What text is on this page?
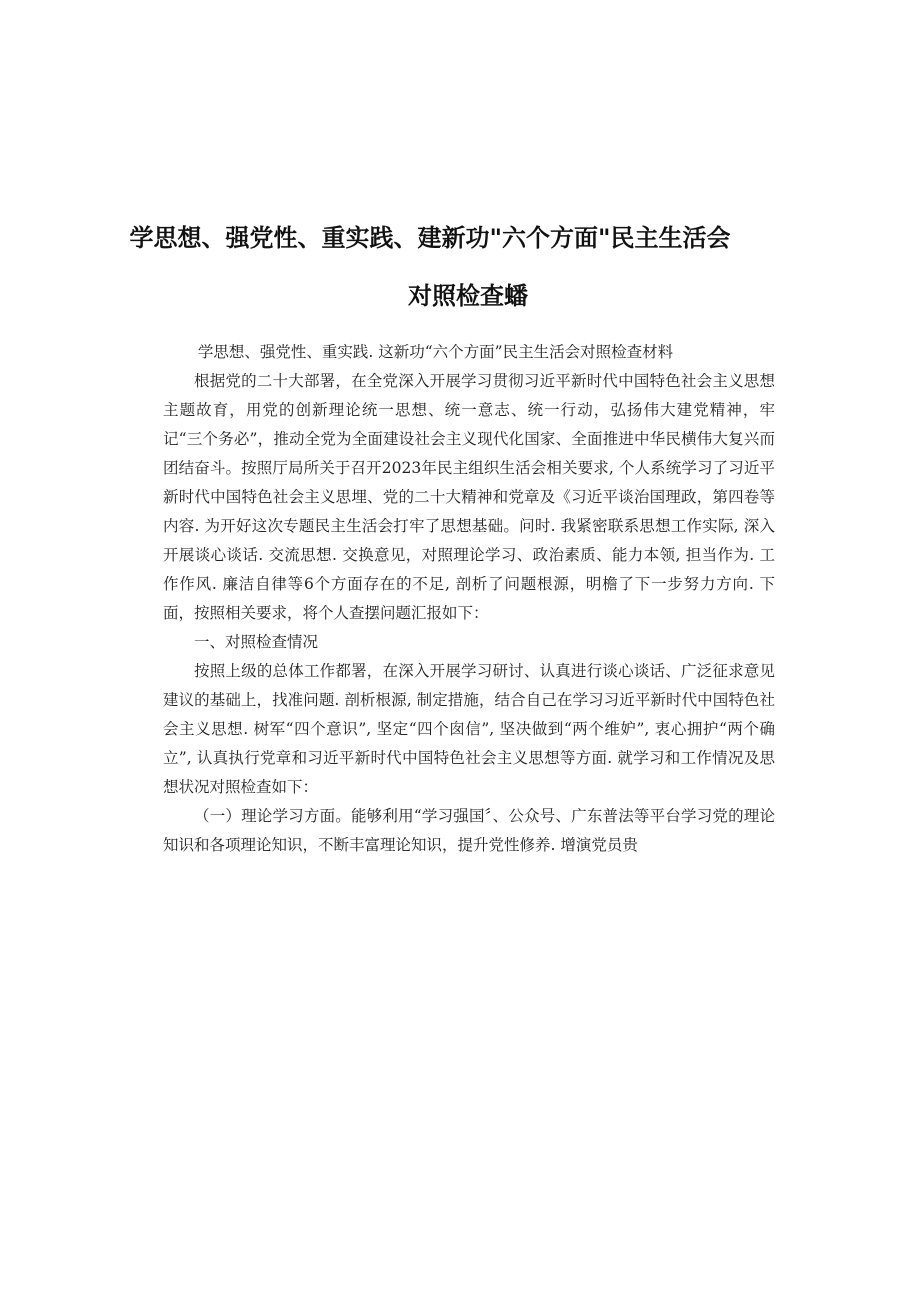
学思想、强党性、重实践、建新功"六个方面"民主生活会
对照检查蟠

学思想、强党性、重实践. 这新功“六个方面”民主生活会对照检查材料

根据党的二十大部署，在全党深入开展学习贯彻习近平新时代中国特色社会主义思想主题故育，用党的创新理论统一思想、统一意志、统一行动，弘扬伟大建党精神，牢记“三个务必”，推动全党为全面建设社会主义现代化国家、全面推进中华民横伟大复兴而团结奋斗。按照厅局所关于召开2023年民主组织生活会相关要求, 个人系统学习了习近平新时代中国特色社会主义思埋、党的二十大精神和党章及《习近平谈治国理政，第四卷等内容. 为开好这次专题民主生活会打牢了思想基础。问时. 我紧密联系思想工作实际, 深入开展谈心谈话. 交流思想. 交换意见，对照理论学习、政治素质、能力本领, 担当作为. 工作作风. 廉洁自律等6个方面存在的不足, 剖析了问题根源，明檐了下一步努力方向. 下面，按照相关要求，将个人查摆问题汇报如下：

一、对照检查情况

按照上级的总体工作都署，在深入开展学习研讨、认真进行谈心谈话、广泛征求意见建议的基础上，找准问题. 剖析根源, 制定措施，结合自己在学习习近平新时代中国特色社会主义思想. 树军“四个意识”, 坚定“四个囱信”, 坚决做到“两个维妒”, 衷心拥护“两个确立”, 认真执行党章和习近平新时代中国特色社会主义思想等方面. 就学习和工作情况及思想状况对照检查如下：

（一）理论学习方面。能够利用“学习强国〞、公众号、广东普法等平台学习党的理论知识和各项理论知识，不断丰富理论知识，提升党性修养. 增演党员贵
